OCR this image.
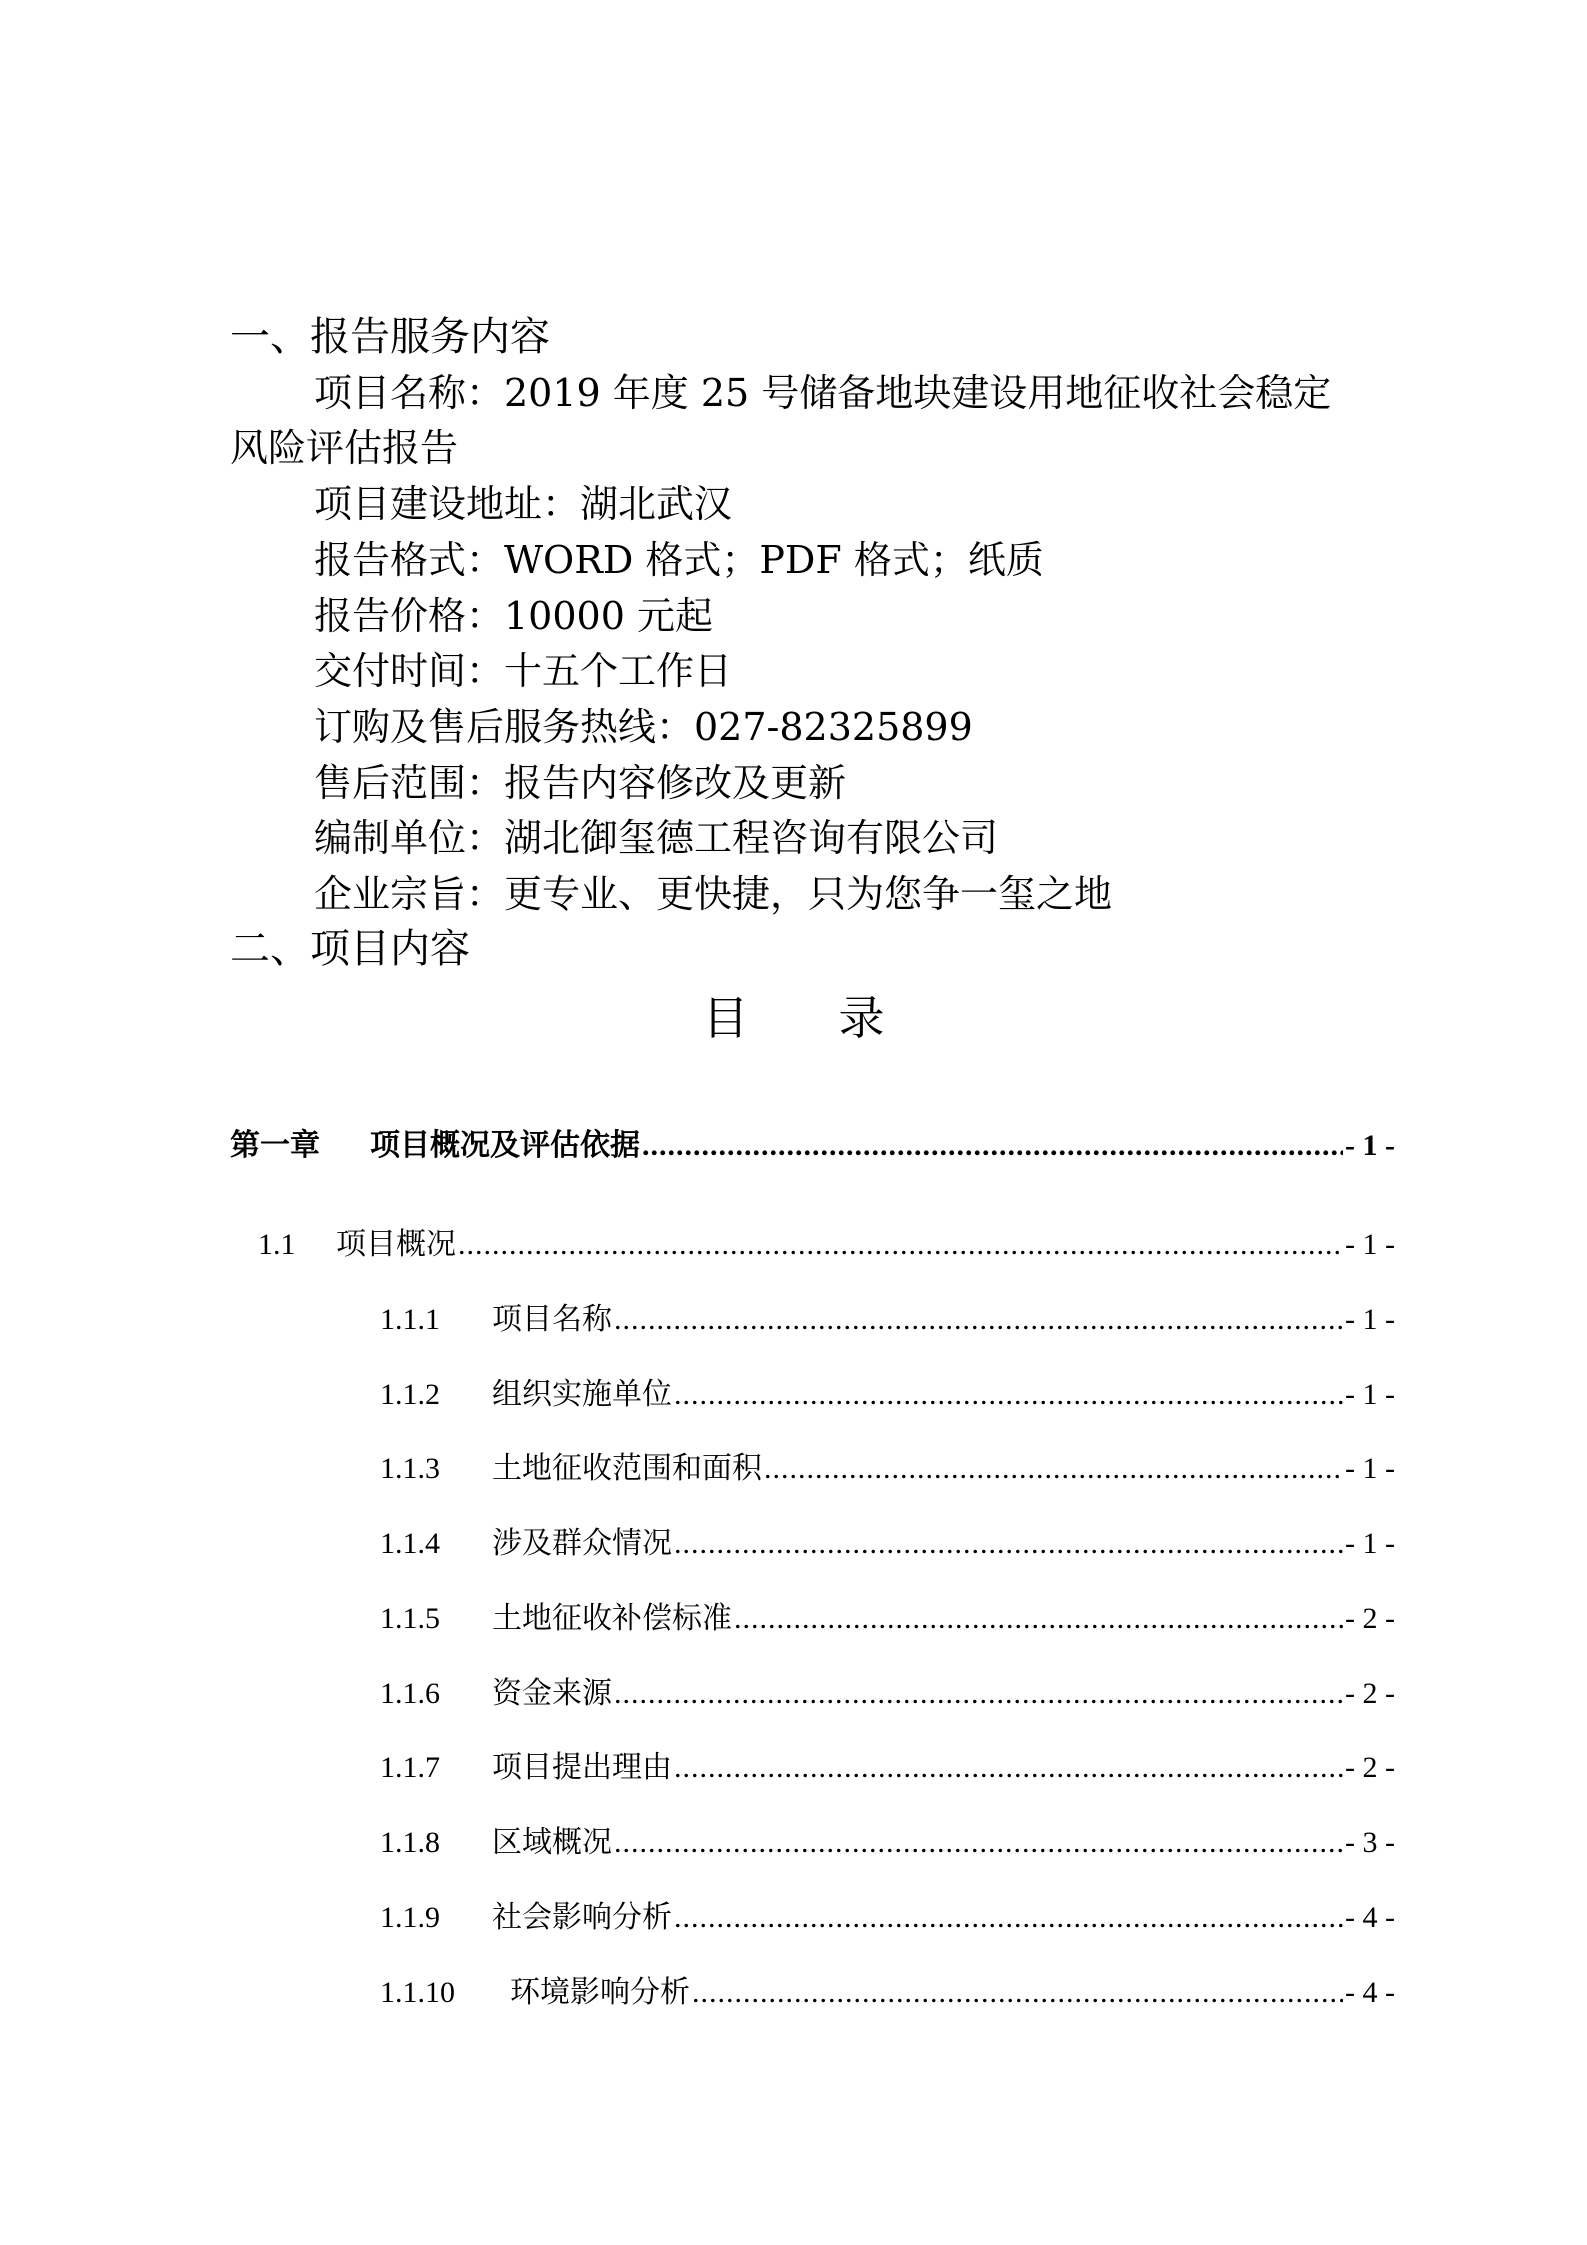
一、报告服务内容
项目名称：2019 年度 25 号储备地块建设用地征收社会稳定
风险评估报告
项目建设地址：湖北武汉
报告格式：WORD 格式；PDF 格式；纸质
报告价格：10000 元起
交付时间：十五个工作日
订购及售后服务热线：027-82325899
售后范围：报告内容修改及更新
编制单位：湖北御玺德工程咨询有限公司
企业宗旨：更专业、更快捷，只为您争一玺之地
二、项目内容
目录
第一章	项目概况及评估依据 .....	- 1 -
1.1	项目概况 .....	- 1 -
1.1.1	项目名称 .....	- 1 -
1.1.2	组织实施单位 .....	- 1 -
1.1.3	土地征收范围和面积 .....	- 1 -
1.1.4	涉及群众情况 .....	- 1 -
1.1.5	土地征收补偿标准 .....	- 2 -
1.1.6	资金来源 .....	- 2 -
1.1.7	项目提出理由 .....	- 2 -
1.1.8	区域概况 .....	- 3 -
1.1.9	社会影响分析 .....	- 4 -
1.1.10	环境影响分析 .....	- 4 -
